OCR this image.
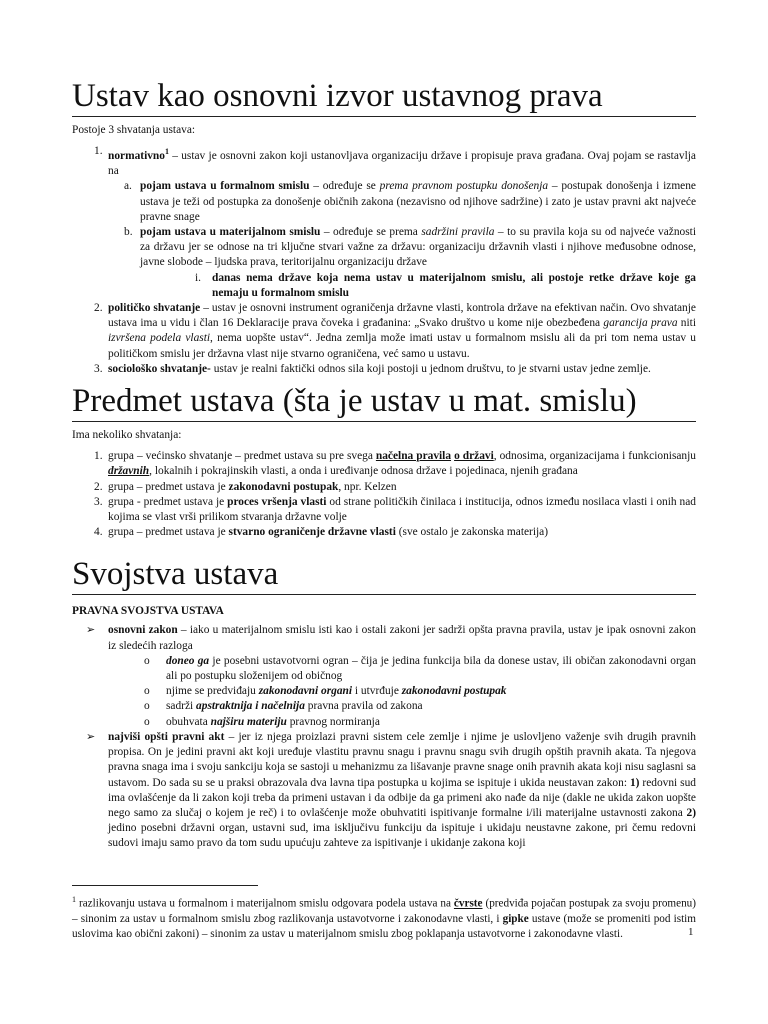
Ustav kao osnovni izvor ustavnog prava

Postoje 3 shvatanja ustava:

1. normativno$^1$ – ustav je osnovni zakon koji ustanovljava organizaciju države i propisuje prava građana. Ovaj pojam se rastavlja na
a. pojam ustava u formalnom smislu – određuje se prema pravnom postupku donošenja – postupak donošenja i izmene ustava je teži od postupka za donošenje običnih zakona (nezavisno od njihove sadržine) i zato je ustav pravni akt najveće pravne snage
b. pojam ustava u materijalnom smislu – određuje se prema sadržini pravila – to su pravila koja su od najveće važnosti za državu jer se odnose na tri ključne stvari važne za državu: organizaciju državnih vlasti i njihove međusobne odnose, javne slobode – ljudska prava, teritorijalnu organizaciju države
i. danas nema države koja nema ustav u materijalnom smislu, ali postoje retke države koje ga nemaju u formalnom smislu
2. političko shvatanje – ustav je osnovni instrument ograničenja državne vlasti, kontrola države na efektivan način. Ovo shvatanje ustava ima u vidu i član 16 Deklaracije prava čoveka i građanina: „Svako društvo u kome nije obezbeđena garancija prava niti izvršena podela vlasti, nema uopšte ustav“. Jedna zemlja može imati ustav u formalnom msislu ali da pri tom nema ustav u političkom smislu jer državna vlast nije stvarno ograničena, već samo u ustavu.
3. sociološko shvatanje- ustav je realni faktički odnos sila koji postoji u jednom društvu, to je stvarni ustav jedne zemlje.
Predmet ustava (šta je ustav u mat. smislu)

Ima nekoliko shvatanja:

1. grupa – većinsko shvatanje – predmet ustava su pre svega načelna pravila o državi, odnosima, organizacijama i funkcionisanju državnih, lokalnih i pokrajinskih vlasti, a onda i uređivanje odnosa države i pojedinaca, njenih građana
2. grupa – predmet ustava je zakonodavni postupak, npr. Kelzen
3. grupa - predmet ustava je proces vršenja vlasti od strane političkih činilaca i institucija, odnos između nosilaca vlasti i onih nad kojima se vlast vrši prilikom stvaranja državne volje
4. grupa – predmet ustava je stvarno ograničenje državne vlasti (sve ostalo je zakonska materija)
Svojstva ustava

PRAVNA SVOJSTVA USTAVA

➢ osnovni zakon – iako u materijalnom smislu isti kao i ostali zakoni jer sadrži opšta pravna pravila, ustav je ipak osnovni zakon iz sledećih razloga
o doneo ga je posebni ustavotvorni ogran – čija je jedina funkcija bila da donese ustav, ili običan zakonodavni organ ali po postupku složenijem od običnog
o njime se predviđaju zakonodavni organi i utvrđuje zakonodavni postupak
o sadrži apstraktnija i načelnija pravna pravila od zakona
o obuhvata najširu materiju pravnog normiranja
➢ najviši opšti pravni akt – jer iz njega proizlazi pravni sistem cele zemlje i njime je uslovljeno važenje svih drugih pravnih propisa. On je jedini pravni akt koji uređuje vlastitu pravnu snagu i pravnu snagu svih drugih opštih pravnih akata. Ta njegova pravna snaga ima i svoju sankciju koja se sastoji u mehanizmu za lišavanje pravne snage onih pravnih akata koji nisu saglasni sa ustavom. Do sada su se u praksi obrazovala dva lavna tipa postupka u kojima se ispituje i ukida neustavan zakon: 1) redovni sud ima ovlašćenje da li zakon koji treba da primeni ustavan i da odbije da ga primeni ako nađe da nije (dakle ne ukida zakon uopšte nego samo za slučaj o kojem je reč) i to ovlašćenje može obuhvatiti ispitivanje formalne i/ili materijalne ustavnosti zakona 2) jedino posebni državni organ, ustavni sud, ima isključivu funkciju da ispituje i ukidaju neustavne zakone, pri čemu redovni sudovi imaju samo pravo da tom sudu upućuju zahteve za ispitivanje i ukidanje zakona koji
$^1$ razlikovanju ustava u formalnom i materijalnom smislu odgovara podela ustava na čvrste (predviđa pojačan postupak za svoju promenu) – sinonim za ustav u formalnom smislu zbog razlikovanja ustavotvorne i zakonodavne vlasti, i gipke ustave (može se promeniti pod istim uslovima kao obični zakoni) – sinonim za ustav u materijalnom smislu zbog poklapanja ustavotvorne i zakonodavne vlasti.	1
